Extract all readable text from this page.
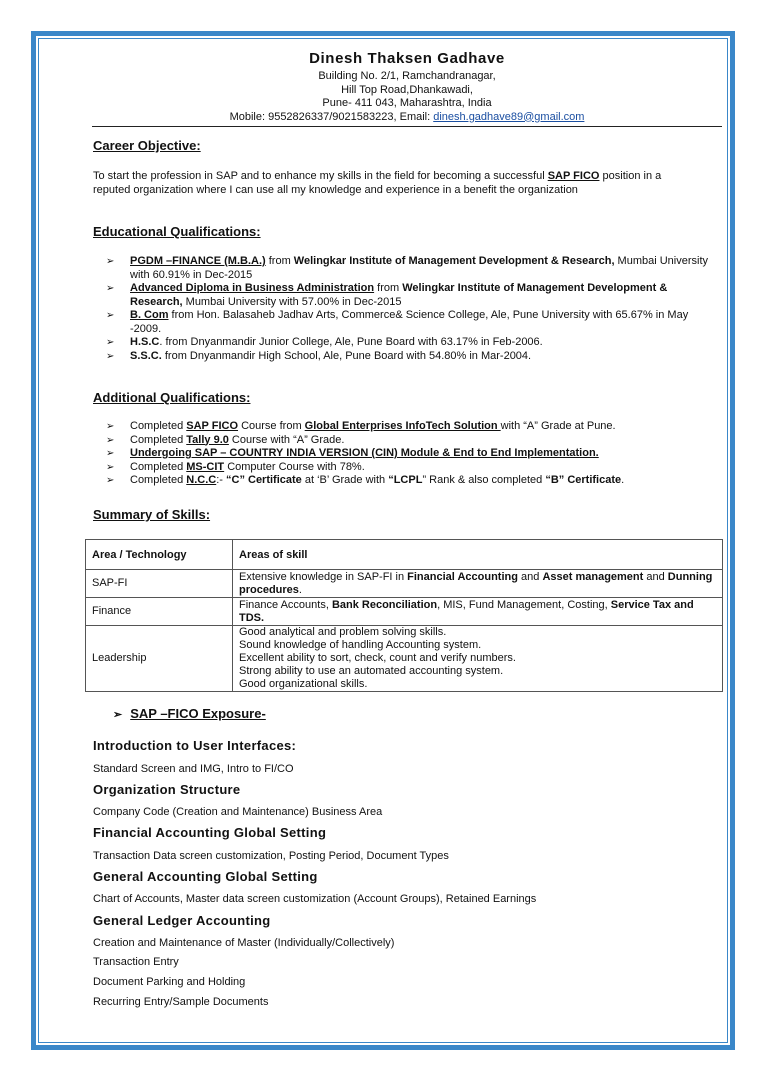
Dinesh Thaksen Gadhave
Building No. 2/1, Ramchandranagar,
Hill Top Road,Dhankawadi,
Pune- 411 043, Maharashtra, India
Mobile: 9552826337/9021583223, Email: dinesh.gadhave89@gmail.com
Career Objective:
To start the profession in SAP and to enhance my skills in the field for becoming a successful SAP FICO position in a reputed organization where I can use all my knowledge and experience in a benefit the organization
Educational Qualifications:
➢ PGDM –FINANCE (M.B.A.) from Welingkar Institute of Management Development & Research, Mumbai University with 60.91% in Dec-2015
➢ Advanced Diploma in Business Administration from Welingkar Institute of Management Development & Research, Mumbai University with 57.00% in Dec-2015
➢ B. Com from Hon. Balasaheb Jadhav Arts, Commerce& Science College, Ale, Pune University with 65.67% in May -2009.
➢ H.S.C. from Dnyanmandir Junior College, Ale, Pune Board with 63.17% in Feb-2006.
➢ S.S.C. from Dnyanmandir High School, Ale, Pune Board with 54.80% in Mar-2004.
Additional Qualifications:
➢ Completed SAP FICO Course from Global Enterprises InfoTech Solution with “A” Grade at Pune.
➢ Completed Tally 9.0 Course with “A” Grade.
➢ Undergoing SAP – COUNTRY INDIA VERSION (CIN) Module & End to End Implementation.
➢ Completed MS-CIT Computer Course with 78%.
➢ Completed N.C.C:- “C” Certificate at ‘B’ Grade with “LCPL” Rank & also completed “B” Certificate.
Summary of Skills:
Area / Technology	Areas of skill
SAP-FI	Extensive knowledge in SAP-FI in Financial Accounting and Asset management and Dunning procedures.
Finance	Finance Accounts, Bank Reconciliation, MIS, Fund Management, Costing, Service Tax and TDS.
Leadership	Good analytical and problem solving skills.
Sound knowledge of handling Accounting system.
Excellent ability to sort, check, count and verify numbers.
Strong ability to use an automated accounting system.
Good organizational skills.
➢ SAP –FICO Exposure-
Introduction to User Interfaces:
Standard Screen and IMG, Intro to FI/CO
Organization Structure
Company Code (Creation and Maintenance) Business Area
Financial Accounting Global Setting
Transaction Data screen customization, Posting Period, Document Types
General Accounting Global Setting
Chart of Accounts, Master data screen customization (Account Groups), Retained Earnings
General Ledger Accounting
Creation and Maintenance of Master (Individually/Collectively)
Transaction Entry
Document Parking and Holding
Recurring Entry/Sample Documents
